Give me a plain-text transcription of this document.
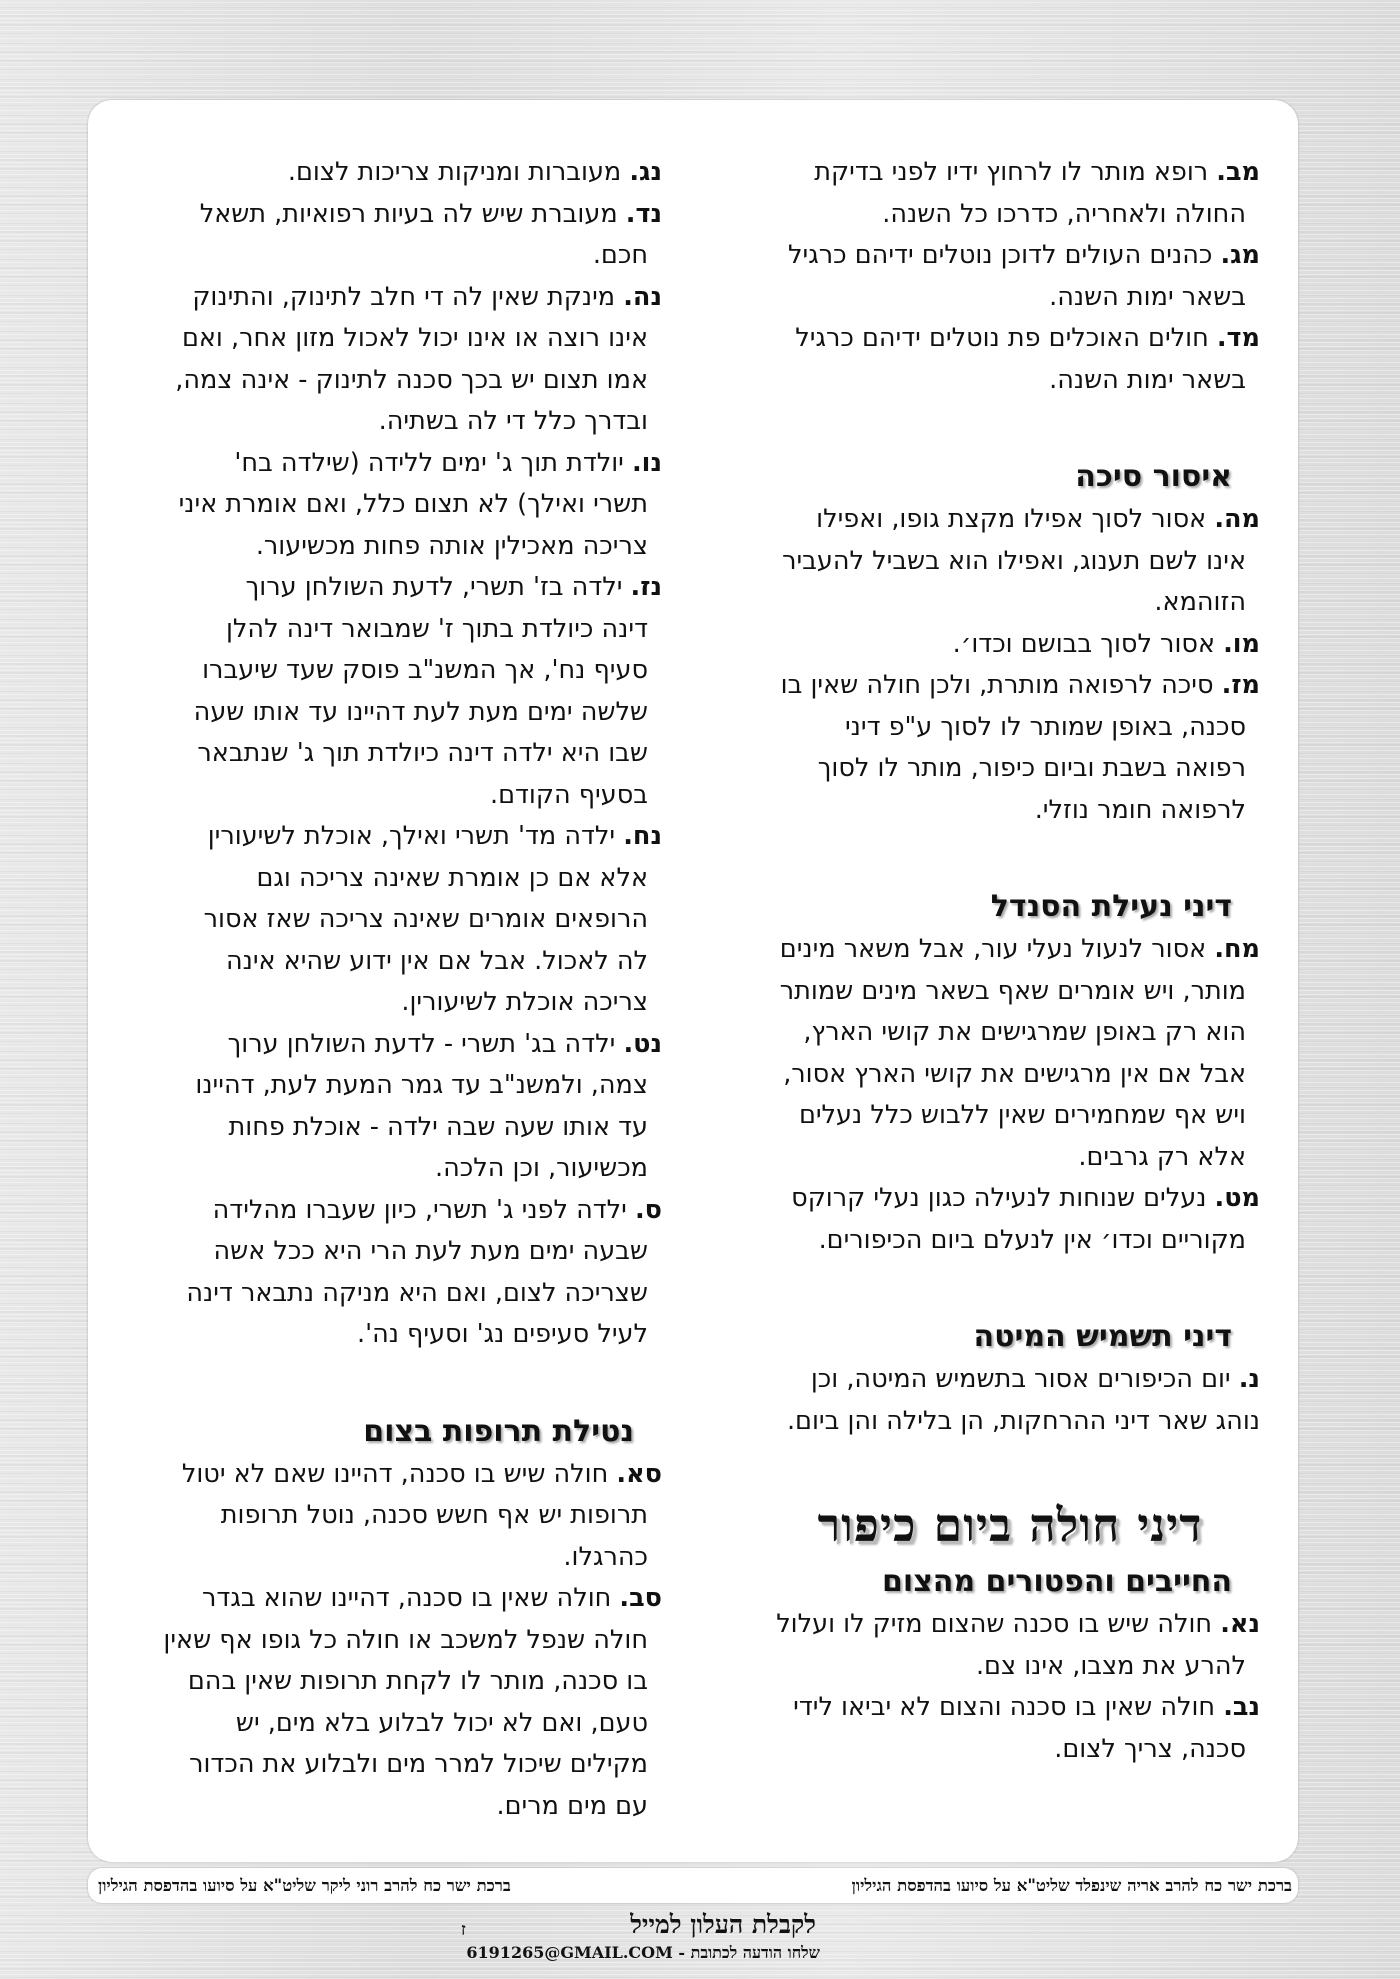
מב. רופא מותר לו לרחוץ ידיו לפני בדיקת
החולה ולאחריה, כדרכו כל השנה.

מג. כהנים העולים לדוכן נוטלים ידיהם כרגיל
בשאר ימות השנה.

מד. חולים האוכלים פת נוטלים ידיהם כרגיל
בשאר ימות השנה.

איסור סיכה

מה. אסור לסוך אפילו מקצת גופו, ואפילו
אינו לשם תענוג, ואפילו הוא בשביל להעביר
הזוהמא.

מו. אסור לסוך בבושם וכדו׳.

מז. סיכה לרפואה מותרת, ולכן חולה שאין בו
סכנה, באופן שמותר לו לסוך ע"פ דיני
רפואה בשבת וביום כיפור, מותר לו לסוך
לרפואה חומר נוזלי.

דיני נעילת הסנדל

מח. אסור לנעול נעלי עור, אבל משאר מינים
מותר, ויש אומרים שאף בשאר מינים שמותר
הוא רק באופן שמרגישים את קושי הארץ,
אבל אם אין מרגישים את קושי הארץ אסור,
ויש אף שמחמירים שאין ללבוש כלל נעלים
אלא רק גרבים.

מט. נעלים שנוחות לנעילה כגון נעלי קרוקס
מקוריים וכדו׳ אין לנעלם ביום הכיפורים.

דיני תשמיש המיטה

נ. יום הכיפורים אסור בתשמיש המיטה, וכן
נוהג שאר דיני ההרחקות, הן בלילה והן ביום.

דיני חולה ביום כיפור
החייבים והפטורים מהצום

נא. חולה שיש בו סכנה שהצום מזיק לו ועלול
להרע את מצבו, אינו צם.

נב. חולה שאין בו סכנה והצום לא יביאו לידי
סכנה, צריך לצום.

נג. מעוברות ומניקות צריכות לצום.

נד. מעוברת שיש לה בעיות רפואיות, תשאל
חכם.

נה. מינקת שאין לה די חלב לתינוק, והתינוק
אינו רוצה או אינו יכול לאכול מזון אחר, ואם
אמו תצום יש בכך סכנה לתינוק - אינה צמה,
ובדרך כלל די לה בשתיה.

נו. יולדת תוך ג' ימים ללידה (שילדה בח'
תשרי ואילך) לא תצום כלל, ואם אומרת איני
צריכה מאכילין אותה פחות מכשיעור.

נז. ילדה בז' תשרי, לדעת השולחן ערוך
דינה כיולדת בתוך ז' שמבואר דינה להלן
סעיף נח', אך המשנ"ב פוסק שעד שיעברו
שלשה ימים מעת לעת דהיינו עד אותו שעה
שבו היא ילדה דינה כיולדת תוך ג' שנתבאר
בסעיף הקודם.

נח. ילדה מד' תשרי ואילך, אוכלת לשיעורין
אלא אם כן אומרת שאינה צריכה וגם
הרופאים אומרים שאינה צריכה שאז אסור
לה לאכול. אבל אם אין ידוע שהיא אינה
צריכה אוכלת לשיעורין.

נט. ילדה בג' תשרי - לדעת השולחן ערוך
צמה, ולמשנ"ב עד גמר המעת לעת, דהיינו
עד אותו שעה שבה ילדה - אוכלת פחות
מכשיעור, וכן הלכה.

ס. ילדה לפני ג' תשרי, כיון שעברו מהלידה
שבעה ימים מעת לעת הרי היא ככל אשה
שצריכה לצום, ואם היא מניקה נתבאר דינה
לעיל סעיפים נג' וסעיף נה'.

נטילת תרופות בצום

סא. חולה שיש בו סכנה, דהיינו שאם לא יטול
תרופות יש אף חשש סכנה, נוטל תרופות
כהרגלו.

סב. חולה שאין בו סכנה, דהיינו שהוא בגדר
חולה שנפל למשכב או חולה כל גופו אף שאין
בו סכנה, מותר לו לקחת תרופות שאין בהם
טעם, ואם לא יכול לבלוע בלא מים, יש
מקילים שיכול למרר מים ולבלוע את הכדור
עם מים מרים.

ברכת ישר כח להרב אריה שינפלד שליט"א על סיועו בהדפסת הגיליון
ברכת ישר כח להרב רוני ליקר שליט"א על סיועו בהדפסת הגיליון

לקבלת העלון למייל

שלחו הודעה לכתובת - 6191265@GMAIL.COM

ז
